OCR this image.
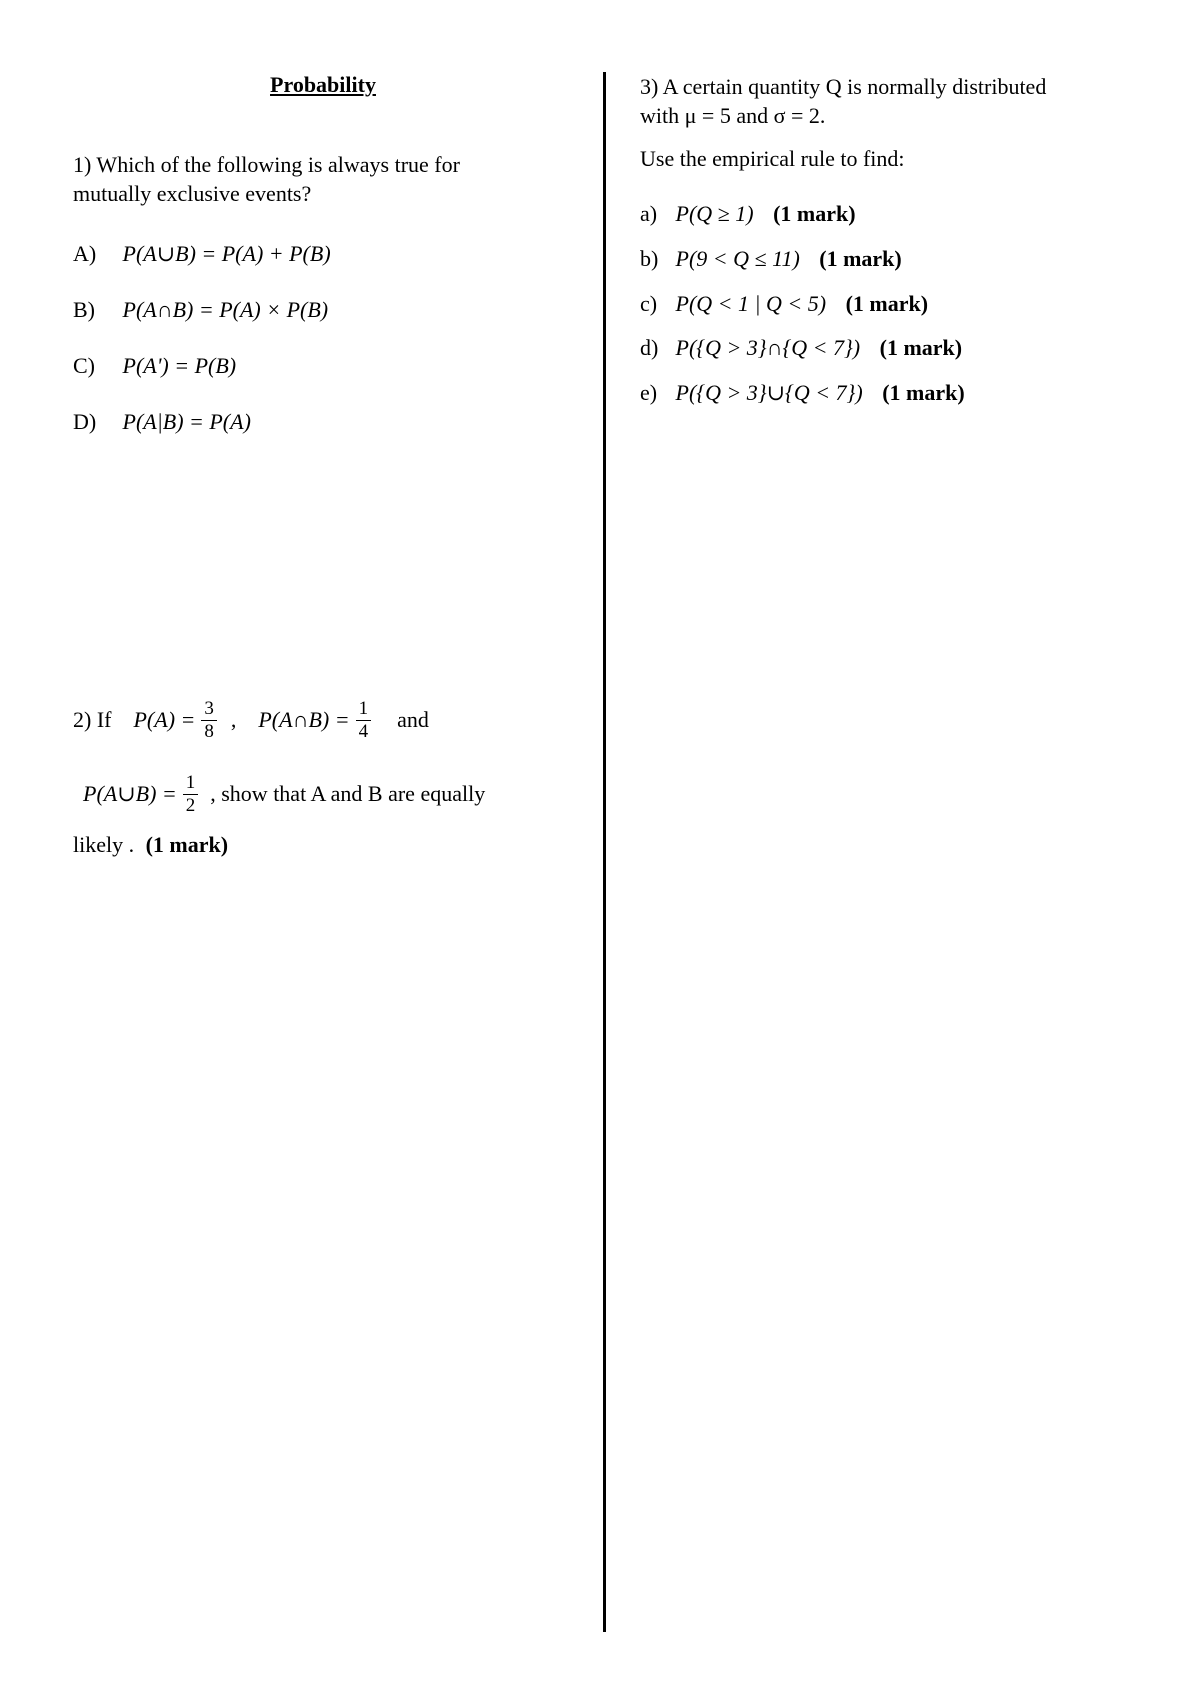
Probability
1) Which of the following is always true for mutually exclusive events?
A) P(A∪B) = P(A) + P(B)
B) P(A∩B) = P(A) × P(B)
C) P(A') = P(B)
D) P(A|B) = P(A)
2) If $P(A) = \frac{3}{8}$ , P(A∩B) = $\frac{1}{4}$ and
P(A∪B) = $\frac{1}{2}$ , show that A and B are equally
likely . (1 mark)
3) A certain quantity Q is normally distributed
with μ = 5 and σ = 2.
Use the empirical rule to find:
a) P(Q ≥ 1) (1 mark)
b) P(9 < Q ≤ 11) (1 mark)
c) P(Q < 1 | Q < 5) (1 mark)
d) P({Q > 3}∩{Q < 7}) (1 mark)
e) P({Q > 3}∪{Q < 7}) (1 mark)
